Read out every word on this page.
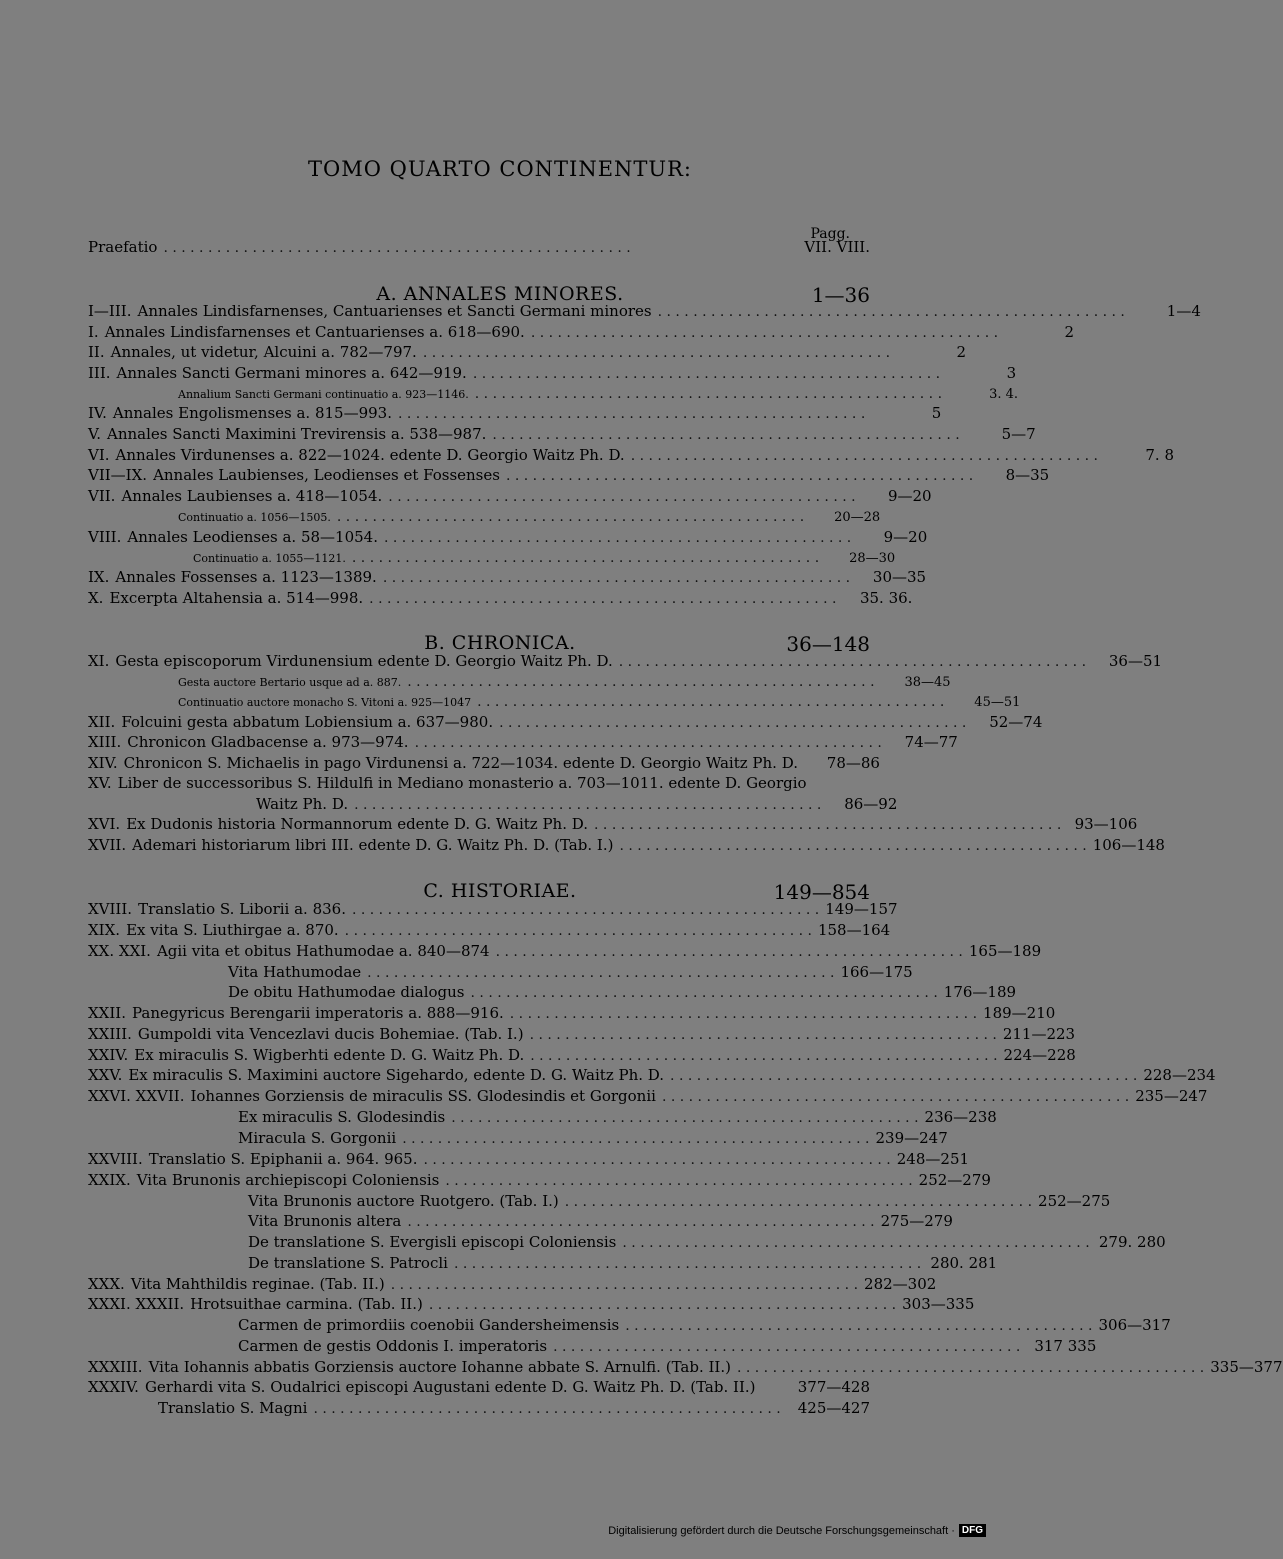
TOMO QUARTO CONTINENTUR:
Pagg.
Praefatio . . . . . . . . . . . . . . . . . . . . . . . . . . . . . . . . . . . . . . . . . . . . . . . . . . . . .	VII. VIII.
A. ANNALES MINORES.	1—36
I—III. Annales Lindisfarnenses, Cantuarienses et Sancti Germani minores . . . . . . . . . . . . . . . . . . . . . . . . . . . . . . . . . . . . . . . . . . . . . . . . . . . . .	1—4
I. Annales Lindisfarnenses et Cantuarienses a. 618—690. . . . . . . . . . . . . . . . . . . . . . . . . . . . . . . . . . . . . . . . . . . . . . . . . . . . . .	2
II. Annales, ut videtur, Alcuini a. 782—797. . . . . . . . . . . . . . . . . . . . . . . . . . . . . . . . . . . . . . . . . . . . . . . . . . . . . .	2
III. Annales Sancti Germani minores a. 642—919. . . . . . . . . . . . . . . . . . . . . . . . . . . . . . . . . . . . . . . . . . . . . . . . . . . . . .	3
Annalium Sancti Germani continuatio a. 923—1146. . . . . . . . . . . . . . . . . . . . . . . . . . . . . . . . . . . . . . . . . . . . . . . . . . . . . .	3. 4.
IV. Annales Engolismenses a. 815—993. . . . . . . . . . . . . . . . . . . . . . . . . . . . . . . . . . . . . . . . . . . . . . . . . . . . . .	5
V. Annales Sancti Maximini Trevirensis a. 538—987. . . . . . . . . . . . . . . . . . . . . . . . . . . . . . . . . . . . . . . . . . . . . . . . . . . . . .	5—7
VI. Annales Virdunenses a. 822—1024. edente D. Georgio Waitz Ph. D. . . . . . . . . . . . . . . . . . . . . . . . . . . . . . . . . . . . . . . . . . . . . . . . . . . . . .	7. 8
VII—IX. Annales Laubienses, Leodienses et Fossenses . . . . . . . . . . . . . . . . . . . . . . . . . . . . . . . . . . . . . . . . . . . . . . . . . . . . .	8—35
VII. Annales Laubienses a. 418—1054. . . . . . . . . . . . . . . . . . . . . . . . . . . . . . . . . . . . . . . . . . . . . . . . . . . . . .	9—20
Continuatio a. 1056—1505. . . . . . . . . . . . . . . . . . . . . . . . . . . . . . . . . . . . . . . . . . . . . . . . . . . . . .	20—28
VIII. Annales Leodienses a. 58—1054. . . . . . . . . . . . . . . . . . . . . . . . . . . . . . . . . . . . . . . . . . . . . . . . . . . . . .	9—20
Continuatio a. 1055—1121. . . . . . . . . . . . . . . . . . . . . . . . . . . . . . . . . . . . . . . . . . . . . . . . . . . . . .	28—30
IX. Annales Fossenses a. 1123—1389. . . . . . . . . . . . . . . . . . . . . . . . . . . . . . . . . . . . . . . . . . . . . . . . . . . . . .	30—35
X. Excerpta Altahensia a. 514—998. . . . . . . . . . . . . . . . . . . . . . . . . . . . . . . . . . . . . . . . . . . . . . . . . . . . . .	35. 36.
B. CHRONICA.	36—148
XI. Gesta episcoporum Virdunensium edente D. Georgio Waitz Ph. D. . . . . . . . . . . . . . . . . . . . . . . . . . . . . . . . . . . . . . . . . . . . . . . . . . . . . .	36—51
Gesta auctore Bertario usque ad a. 887. . . . . . . . . . . . . . . . . . . . . . . . . . . . . . . . . . . . . . . . . . . . . . . . . . . . . .	38—45
Continuatio auctore monacho S. Vitoni a. 925—1047 . . . . . . . . . . . . . . . . . . . . . . . . . . . . . . . . . . . . . . . . . . . . . . . . . . . . .	45—51
XII. Folcuini gesta abbatum Lobiensium a. 637—980. . . . . . . . . . . . . . . . . . . . . . . . . . . . . . . . . . . . . . . . . . . . . . . . . . . . . .	52—74
XIII. Chronicon Gladbacense a. 973—974. . . . . . . . . . . . . . . . . . . . . . . . . . . . . . . . . . . . . . . . . . . . . . . . . . . . . .	74—77
XIV. Chronicon S. Michaelis in pago Virdunensi a. 722—1034. edente D. Georgio Waitz Ph. D.	78—86
XV. Liber de successoribus S. Hildulfi in Mediano monasterio a. 703—1011. edente D. Georgio
Waitz Ph. D. . . . . . . . . . . . . . . . . . . . . . . . . . . . . . . . . . . . . . . . . . . . . . . . . . . . . .	86—92
XVI. Ex Dudonis historia Normannorum edente D. G. Waitz Ph. D. . . . . . . . . . . . . . . . . . . . . . . . . . . . . . . . . . . . . . . . . . . . . . . . . . . . . . 93—106
XVII. Ademari historiarum libri III. edente D. G. Waitz Ph. D. (Tab. I.) . . . . . . . . . . . . . . . . . . . . . . . . . . . . . . . . . . . . . . . . . . . . . . . . . . . . . 106—148
C. HISTORIAE.	149—854
XVIII. Translatio S. Liborii a. 836. . . . . . . . . . . . . . . . . . . . . . . . . . . . . . . . . . . . . . . . . . . . . . . . . . . . . . 149—157
XIX. Ex vita S. Liuthirgae a. 870. . . . . . . . . . . . . . . . . . . . . . . . . . . . . . . . . . . . . . . . . . . . . . . . . . . . . . 158—164
XX. XXI. Agii vita et obitus Hathumodae a. 840—874 . . . . . . . . . . . . . . . . . . . . . . . . . . . . . . . . . . . . . . . . . . . . . . . . . . . . . 165—189
Vita Hathumodae . . . . . . . . . . . . . . . . . . . . . . . . . . . . . . . . . . . . . . . . . . . . . . . . . . . . . 166—175
De obitu Hathumodae dialogus . . . . . . . . . . . . . . . . . . . . . . . . . . . . . . . . . . . . . . . . . . . . . . . . . . . . . 176—189
XXII. Panegyricus Berengarii imperatoris a. 888—916. . . . . . . . . . . . . . . . . . . . . . . . . . . . . . . . . . . . . . . . . . . . . . . . . . . . . . 189—210
XXIII. Gumpoldi vita Vencezlavi ducis Bohemiae. (Tab. I.) . . . . . . . . . . . . . . . . . . . . . . . . . . . . . . . . . . . . . . . . . . . . . . . . . . . . . 211—223
XXIV. Ex miraculis S. Wigberhti edente D. G. Waitz Ph. D. . . . . . . . . . . . . . . . . . . . . . . . . . . . . . . . . . . . . . . . . . . . . . . . . . . . . . 224—228
XXV. Ex miraculis S. Maximini auctore Sigehardo, edente D. G. Waitz Ph. D. . . . . . . . . . . . . . . . . . . . . . . . . . . . . . . . . . . . . . . . . . . . . . . . . . . . . . 228—234
XXVI. XXVII. Iohannes Gorziensis de miraculis SS. Glodesindis et Gorgonii . . . . . . . . . . . . . . . . . . . . . . . . . . . . . . . . . . . . . . . . . . . . . . . . . . . . . 235—247
Ex miraculis S. Glodesindis . . . . . . . . . . . . . . . . . . . . . . . . . . . . . . . . . . . . . . . . . . . . . . . . . . . . . 236—238
Miracula S. Gorgonii . . . . . . . . . . . . . . . . . . . . . . . . . . . . . . . . . . . . . . . . . . . . . . . . . . . . . 239—247
XXVIII. Translatio S. Epiphanii a. 964. 965. . . . . . . . . . . . . . . . . . . . . . . . . . . . . . . . . . . . . . . . . . . . . . . . . . . . . . 248—251
XXIX. Vita Brunonis archiepiscopi Coloniensis . . . . . . . . . . . . . . . . . . . . . . . . . . . . . . . . . . . . . . . . . . . . . . . . . . . . . 252—279
Vita Brunonis auctore Ruotgero. (Tab. I.) . . . . . . . . . . . . . . . . . . . . . . . . . . . . . . . . . . . . . . . . . . . . . . . . . . . . . 252—275
Vita Brunonis altera . . . . . . . . . . . . . . . . . . . . . . . . . . . . . . . . . . . . . . . . . . . . . . . . . . . . . 275—279
De translatione S. Evergisli episcopi Coloniensis . . . . . . . . . . . . . . . . . . . . . . . . . . . . . . . . . . . . . . . . . . . . . . . . . . . . . 279. 280
De translatione S. Patrocli . . . . . . . . . . . . . . . . . . . . . . . . . . . . . . . . . . . . . . . . . . . . . . . . . . . . . 280. 281
XXX. Vita Mahthildis reginae. (Tab. II.) . . . . . . . . . . . . . . . . . . . . . . . . . . . . . . . . . . . . . . . . . . . . . . . . . . . . . 282—302
XXXI. XXXII. Hrotsuithae carmina. (Tab. II.) . . . . . . . . . . . . . . . . . . . . . . . . . . . . . . . . . . . . . . . . . . . . . . . . . . . . . 303—335
Carmen de primordiis coenobii Gandersheimensis . . . . . . . . . . . . . . . . . . . . . . . . . . . . . . . . . . . . . . . . . . . . . . . . . . . . . 306—317
Carmen de gestis Oddonis I. imperatoris . . . . . . . . . . . . . . . . . . . . . . . . . . . . . . . . . . . . . . . . . . . . . . . . . . . . . 317 335
XXXIII. Vita Iohannis abbatis Gorziensis auctore Iohanne abbate S. Arnulfi. (Tab. II.) . . . . . . . . . . . . . . . . . . . . . . . . . . . . . . . . . . . . . . . . . . . . . . . . . . . . . 335—377
XXXIV. Gerhardi vita S. Oudalrici episcopi Augustani edente D. G. Waitz Ph. D. (Tab. II.)	377—428
Translatio S. Magni . . . . . . . . . . . . . . . . . . . . . . . . . . . . . . . . . . . . . . . . . . . . . . . . . . . . .	425—427
Digitalisierung gefördert durch die Deutsche Forschungsgemeinschaft · DFG
